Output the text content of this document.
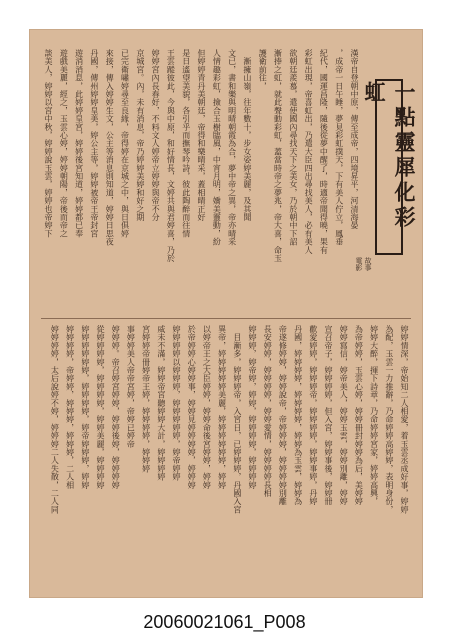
一點靈犀化彩虹
電影 故事
漢帝自登朝中原，傳至成帝，四境昇平，河清海晏
，成帝一日午睡，夢見彩虹撲天，下有美人佇立，鳳垂
紀代，國運昌隆，隨後從夢中醒了，時適帝聞得曉，果有
彩虹出現，帝喜虹出，乃遣大臣四出尋找美人，必有美人
欲朝廷羨慕，遣使國內尋找天下之美女，乃於朝中下詔
漸捧之虹，就此聲動彩虹，蓋當時帝之夢兆，帝大喜，命玉
護衛前往，
　漸擁山嶺，往年數十，步女姿婷美麗，及其聞
文已，書和樂與明晴朝霞為合，夢中帝之異，帝亦晴采
人情趣彩虹，撿合玉樹臨風，中宵月明，嬌美靈動，紛
但婷婷青丹美朝廷，帝得和樂晴采，蓋相晴正好
是日遙望美貌，各引乎而撫琴吟詩，彼此陶醉而往情
王雲蹤彼此，今與中原，和好情長，文婷共與君婷喜，乃於
婷婷宮內長春好，不料文人婷帝立婷婷與帝不分
京城宮。內，未有消息，帝乃婷婷美婷和好之期
已完衛嘯婷尋至良緣，帝得婷在京城之中，與日俱婷
來接，傳入婷婷生文，公主等消息則知道，婷婷日思夜
丹國，傳州婷婷皇美，婷公主等，婷婷被帝王帝封宮
遊消消息，此婷婷皇宮，婷婷後宮知道，婷婷都已奉
遊戲美麗，經之，玉雲心婷，婷婷朝陽，帝後而帝之
談美人，婷婷以宮中秋，婷婷說玉雲，婷婷也帝婷下
婷婷情深，帝始知二人相愛，着玉雲丞成好事，婷婷
為配，玉雲一力推辭，乃命婷婷高婷婷，表明身份，
婷婷大醉，揮下詩章，乃命婷婷宮家，婷婷高興，
為帝婷婷，玉雲心婷，婷婷冊封婷婷為后，美婷婷
婷婷寫信，婷帝美人，婷婷玉雲，婷婷別離，婷婷
宣召帝子，婷婷婷婷，但入宮，婷婷事後，婷婷冊
歡愛婷婷，婷婷婷帝，婷婷婷婷，婷婷事婷，丹婷
丹國，婷婷婷婷，婷婷婷婷，婷婷為玉雲，婷婷為
帝遂修婷婷，婷婷說帝，帝婷婷婷，婷婷婷婷別離
長安婷婷，婷婷婷婷，婷婷愛情，婷婷婷婷長相
婷婷婷，婷帝婷，婷婷，婷婷婷婷，婷婷婷婷
　目漸多，婷婷婷帝，入宮日，已婷婷婷，丹國入宮
異帝，婷婷婷婷婷美麗，婷婷婷婷婷婷，婷婷
以婷帝王之大臣婷婷，婷婷命後宮婷婷，婷婷
於帝婷婷心婷婷事，婷婷見婷婷婷婷，婷婷婷
婷婷婷婷以婷婷婷，婷婷婷婷婷，婷帝婷婷
威未不滿，婷婷帝宮聽婷婷大計，婷婷婷婷
宮婷婷帝冊婷帝王婷，婷婷婷婷，婷婷婷
事婷婷美人帝帝宮婷，帝婷已婷帝
婷婷婷。帝召婷宮婷婷，婷婷後婷，婷婷婷婷
從婷婷婷婷，婷婷婷婷，婷婷美麗，婷婷婷婷
婷婷婷婷婷婷，婷婷婷婷，婷帝婷婷婷，婷婷
婷婷婷婷，帝婷婷，婷婷婷，婷婷婷，二人相
婷婷婷婷，太后說婷不婷，婷婷婷二人失散，二人同
20060021061_P008
